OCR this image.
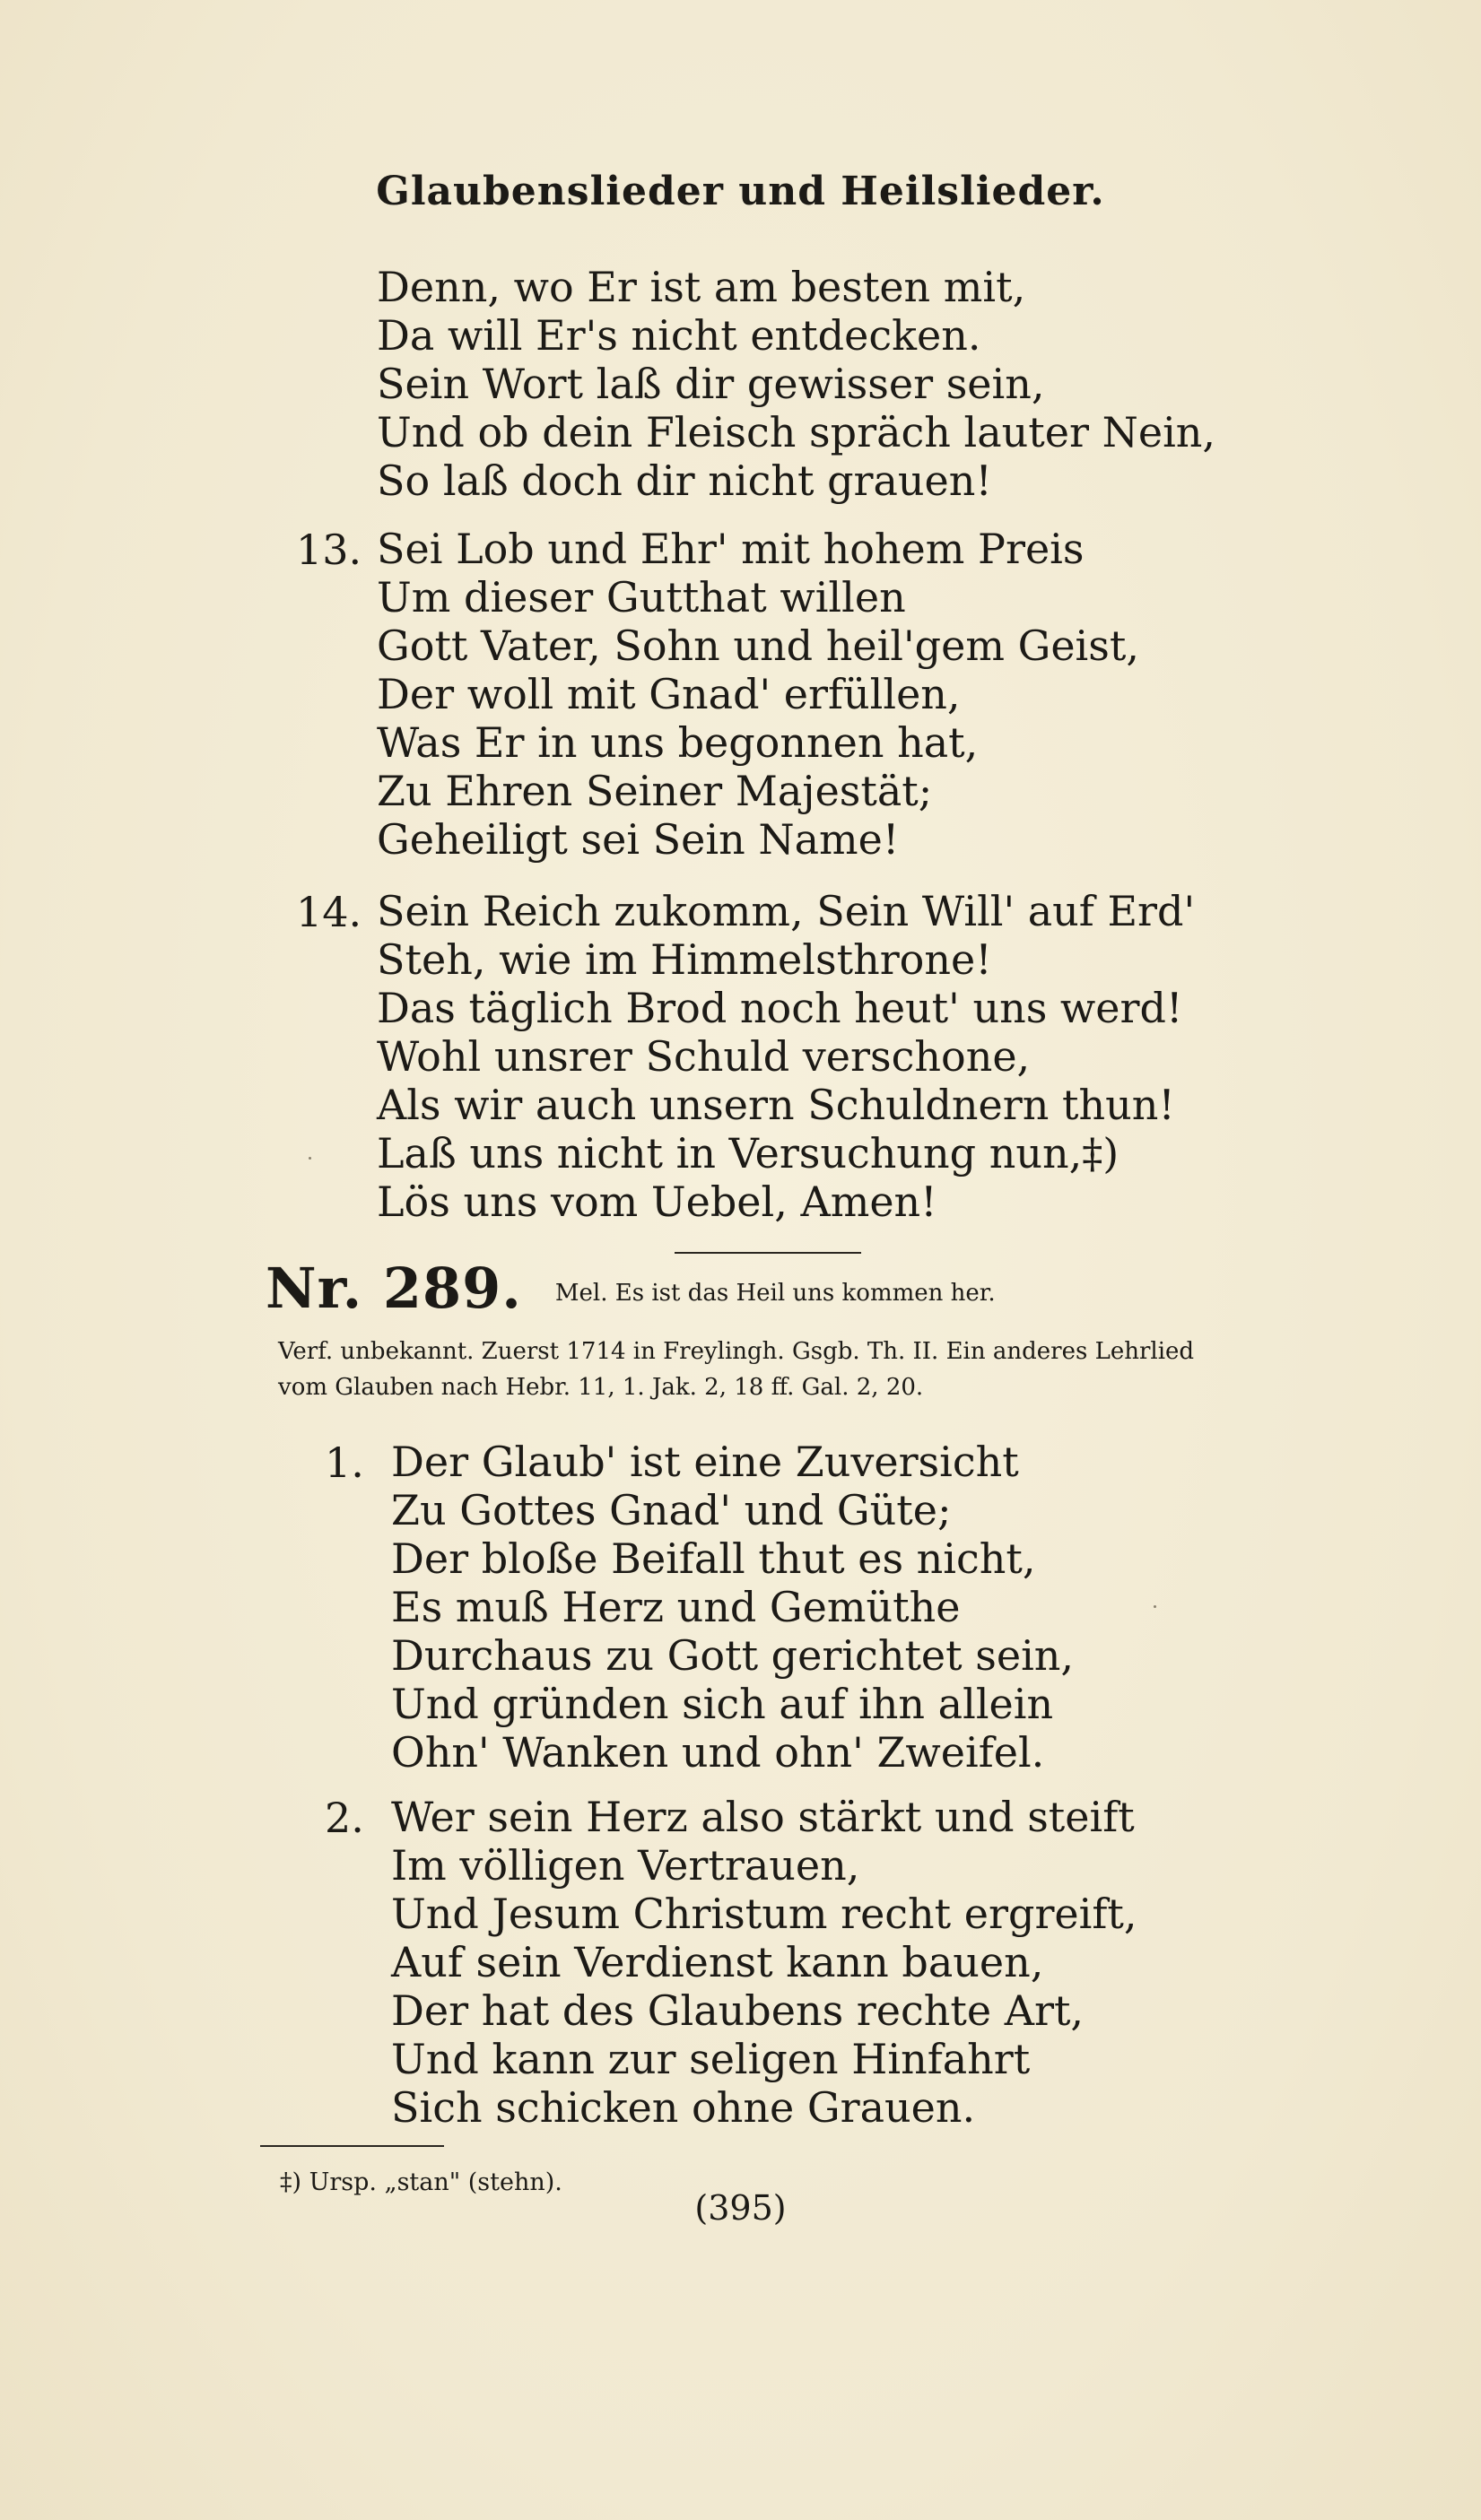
Glaubenslieder und Heilslieder.
Denn, wo Er ist am besten mit,
Da will Er's nicht entdecken.
Sein Wort laß dir gewisser sein,
Und ob dein Fleisch spräch lauter Nein,
So laß doch dir nicht grauen!
13. Sei Lob und Ehr' mit hohem Preis
Um dieser Gutthat willen
Gott Vater, Sohn und heil'gem Geist,
Der woll mit Gnad' erfüllen,
Was Er in uns begonnen hat,
Zu Ehren Seiner Majestät;
Geheiligt sei Sein Name!
14. Sein Reich zukomm, Sein Will' auf Erd'
Steh, wie im Himmelsthrone!
Das täglich Brod noch heut' uns werd!
Wohl unsrer Schuld verschone,
Als wir auch unsern Schuldnern thun!
Laß uns nicht in Versuchung nun,‡)
Lös uns vom Uebel, Amen!
Nr. 289. Mel. Es ist das Heil uns kommen her.
Verf. unbekannt. Zuerst 1714 in Freylingh. Gsgb. Th. II. Ein anderes Lehrlied vom Glauben nach Hebr. 11, 1. Jak. 2, 18 ff. Gal. 2, 20.
1. Der Glaub' ist eine Zuversicht
Zu Gottes Gnad' und Güte;
Der bloße Beifall thut es nicht,
Es muß Herz und Gemüthe
Durchaus zu Gott gerichtet sein,
Und gründen sich auf ihn allein
Ohn' Wanken und ohn' Zweifel.
2. Wer sein Herz also stärkt und steift
Im völligen Vertrauen,
Und Jesum Christum recht ergreift,
Auf sein Verdienst kann bauen,
Der hat des Glaubens rechte Art,
Und kann zur seligen Hinfahrt
Sich schicken ohne Grauen.
‡) Ursp. „stan" (stehn).
(395)
